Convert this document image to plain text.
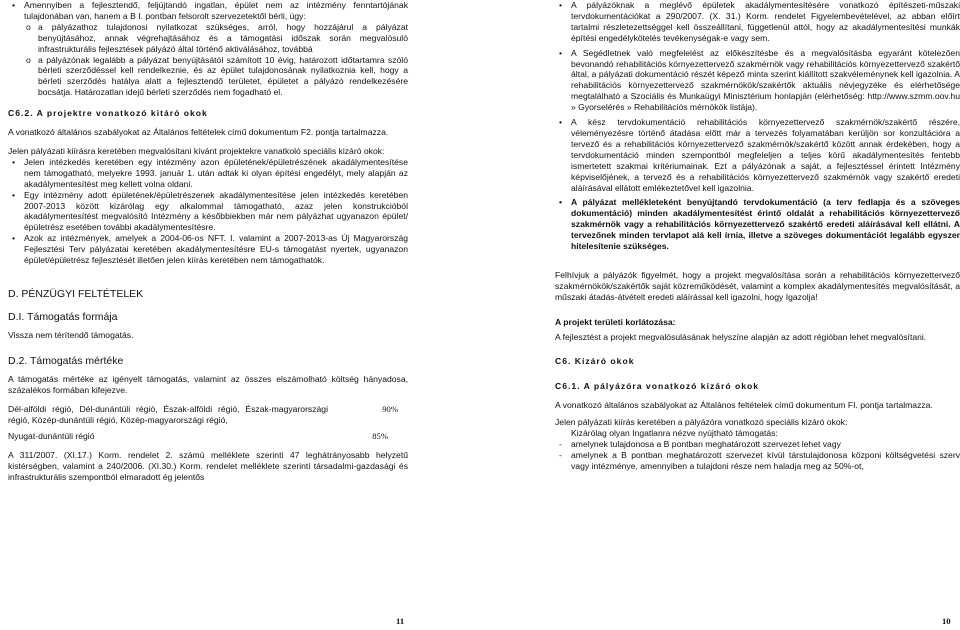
• Amennyiben a fejlesztendő, feljújtandó ingatlan, épület nem az intézmény fenntartójának tulajdonában van, hanem a B I. pontban felsorolt szervezetektől bérli, úgy:
o a pályázathoz tulajdonosi nyilatkozat szükséges, arról, hogy hozzájárul a pályázat benyújtásához, annak végrehajtásához és a támogatási időszak során megvalósuló infrastrukturális fejlesztések pályázó által történő aktiválásához, továbbá
o a pályázónak legalább a pályázat benyújtásától számított 10 évig, határozott időtartamra szóló bérleti szerződéssel kell rendelkeznie, és az épület tulajdonosának nyilatkoznia kell, hogy a bérleti szerződés hatálya alatt a fejlesztendő területet, épületet a pályázó rendelkezésére bocsátja. Határozatlan idejű bérleti szerződés nem fogadható el.

C6.2. A projektre vonatkozó kitáró okok

A vonatkozó általános szabályokat az Általános feltételek című dokumentum F2. pontja tartalmazza.

Jelen pályázati kiírásra keretében megvalósítani kívánt projektekre vanatkoló speciális kizáró okok:

• Jelen intézkedés keretében egy intézmény azon épületének/épületrészének akadálymentesítése nem támogatható, melyekre 1993. január 1. után adtak ki olyan építési engedélyt, mely alapján az akadálymentesítést meg kellett volna oldani.
• Egy intézmény adott épületének/épületrészenek akadálymentesítése jelen intézkedés keretében 2007-2013 között kizárólag egy alkalommal támogatható, azaz jelen konstrukcióból akadálymentesítést megvalósító Intézmény a későbbiekben már nem pályázhat ugyanazon épület/épületrész esetében további akadálymentesítésre.
• Azok az intézmények, amelyek a 2004-06-os NFT. I. valamint a 2007-2013-as Új Magyarország Fejlesztési Terv pályázatai keretében akadálymentesítésre EU-s támogatást nyertek, ugyanazon épület/épületrész fejlesztését illetően jelen kiírás keretében nem támogathatók.

D. PÉNZÜGYI FELTÉTELEK

D.I. Támogatás formája

Vissza nem térítendő támogatás.

D.2. Támogatás mértéke

A támogatás mértéke az igényelt támogatás, valamint az összes elszámolható költség hányadosa, százalékos formában kifejezve.

Dél-alföldi régió, Dél-dunántúli régió, Észak-alföldi régió, Észak-magyarországi régió, Közép-dunántúli régió, Közép-magyarországi régió,
90%
Nyugat-dunántúli régió	85%

A 311/2007. (XI.17.) Korm. rendelet 2. számú melléklete szerinti 47 leghátrányosabb helyzetű kistérségben, valamint a 240/2006. (XI.30.) Korm. rendelet melléklete szerinti társadalmi-gazdasági és infrastrukturális szempontból elmaradott ég jelentős

11
• A pályázóknak a meglévő épületek akadálymentesítésére vonatkozó építészeti-műszaki tervdokumentációkat a 290/2007. (X. 31.) Korm. rendelet Figyelembevételével, az abban előírt tartalmi részletezettséggel kell összeállítani, függetlenül attól, hogy az akadálymentesítési munkák építési engedélykötelés tevékenységak-e vagy sem.
• A Segédletnek való megfelelést az előkészítésbe és a megvalósításba egyaránt kötelezően bevonandó rehabilitációs környezettervező szakmérnök vagy rehabilitációs környezettervező szakértő által, a pályázati dokumentáció részét képező minta szerint kiállított szakvéleménynek kell igazolnia. A rehabilitációs környezettervező szakmérnökök/szakértők aktuális névjegyzéke és elérhetősége megtalálható a Szociális és Munkaügyi Minisztérium honlapján (elérhetőség: http://www.szmm.oov.hu » Gyorselérés » Rehabilitációs mérnökök listája).
• A kész tervdokumentáció rehabilitációs környezettervező szakmérnök/szakértő részére, véleményezésre történő átadása előtt már a tervezés folyamatában kerüljön sor konzultációra a tervező és a rehabilitációs környezettervező szakmérnök/szakértő között annak érdekében, hogy a tervdokumentáció minden szempontból megfeleljen a teljes körű akadálymentesítés fentebb ismertetett szakmai kritériumainak. Ezt a pályázónak a saját, a fejlesztéssel érintett Intézmény képviselőjének, a tervező és a rehabilitációs környezettervező szakmérnök vagy szakértő eredeti aláírásával ellátott emlékeztetővel kell igazolnia.
• A pályázat mellékleteként benyújtandó tervdokumentáció (a terv fedlapja és a szöveges dokumentáció) minden akadálymentesítést érintő oldalát a rehabilitációs környezettervező szakmérnök vagy a rehabilitációs környezettervező szakértő eredeti aláírásával kell ellátni. A tervezőnek minden tervlapot alá kell írnia, illetve a szöveges dokumentációt legalább egyszer hitelesítenie szükséges.

Felhívjuk a pályázók figyelmét, hogy a projekt megvalósítása során a rehabilitációs környezettervező szakmérnökök/szakértők saját közreműködését, valamint a komplex akadálymentesítés megvalósítását, a műszaki átadás-átvételt eredeti aláírással kell igazolni, hogy Igazolja!

A projekt területi korlátozása:

A fejlesztést a projekt megvalósulásának helyszíne alapján az adott régióban lehet megvalósítani.

C6. Kizáró okok

C6.1. A pályázóra vonatkozó kizáró okok

A vonatkozó általános szabályokat az Általános feltételek című dokumentum FI. pontja tartalmazza.

Jelen pályázati kiírás keretében a pályázóra vonatkozó speciális kizáró okok:

Kizárólag olyan Ingatlanra nézve nyújtható támogatás:

- amelynek tulajdonosa a B pontban meghatározott szervezet lehet vagy
- amelynek a B pontban meghatározott szervezet kívül társtulajdonosa közponi költségvetési szerv vagy intézménye, amennyiben a tulajdoni része nem haladja meg az 50%-ot,
10
